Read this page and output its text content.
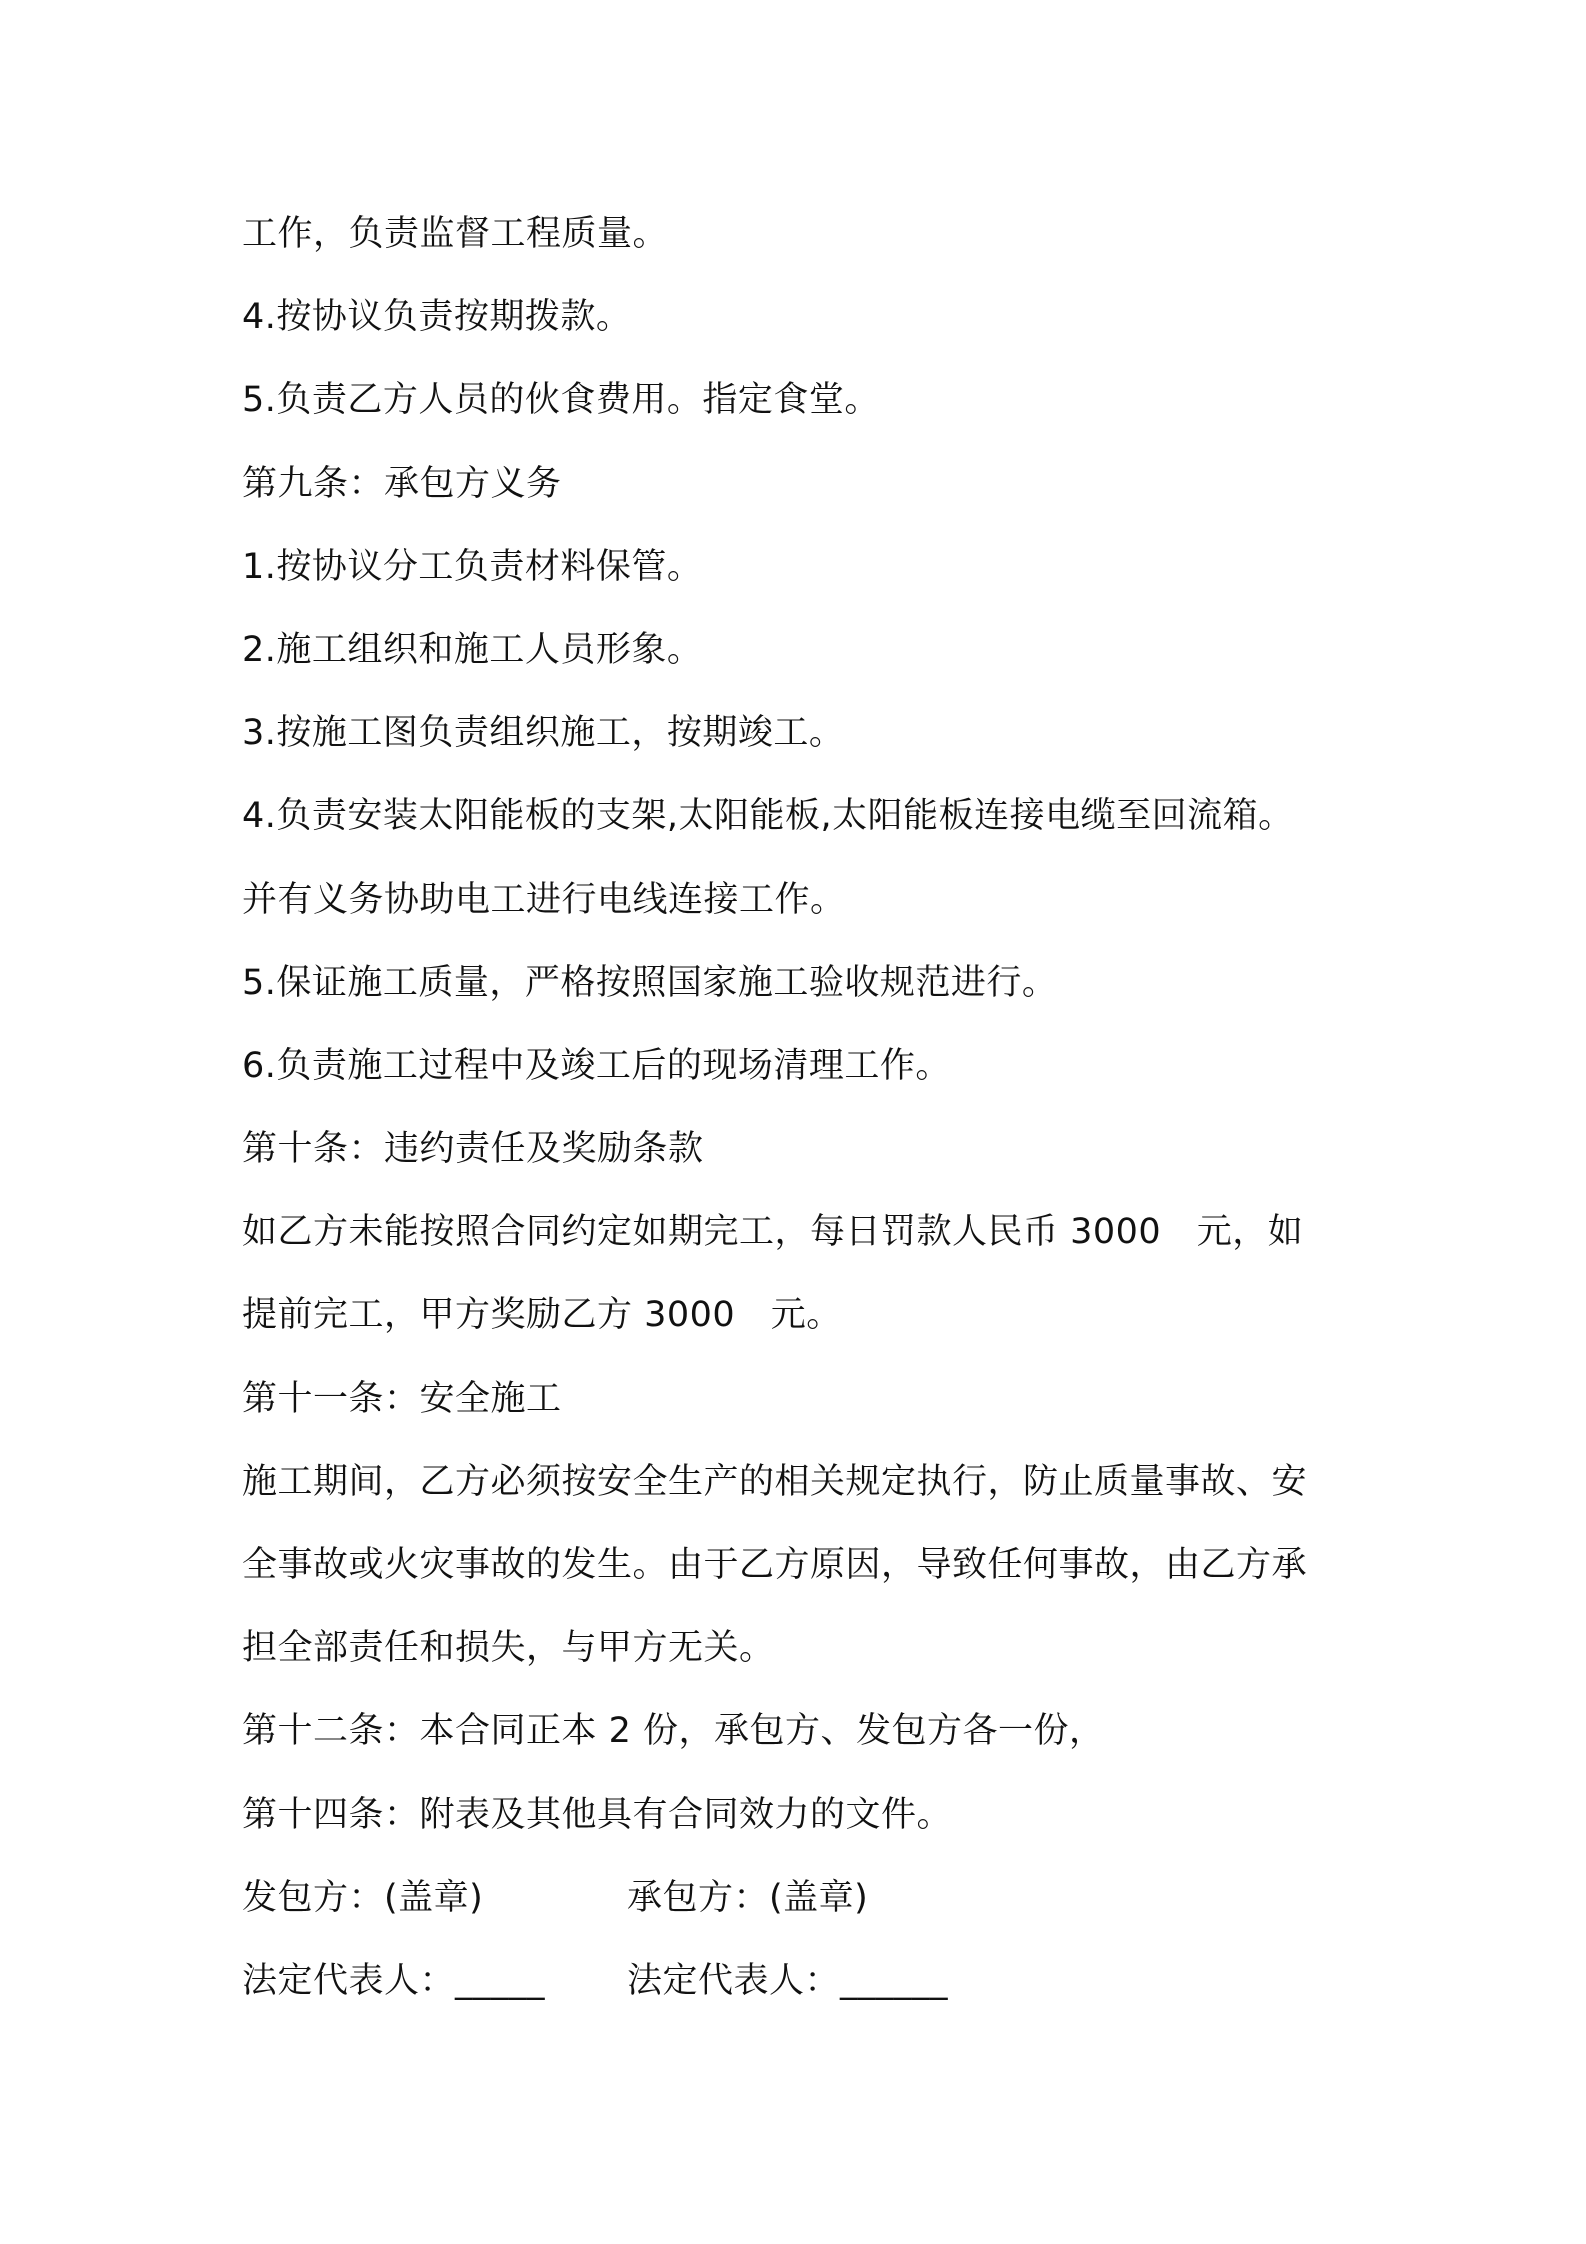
工作，负责监督工程质量。
4.按协议负责按期拨款。
5.负责乙方人员的伙食费用。指定食堂。
第九条：承包方义务
1.按协议分工负责材料保管。
2.施工组织和施工人员形象。
3.按施工图负责组织施工，按期竣工。
4.负责安装太阳能板的支架,太阳能板,太阳能板连接电缆至回流箱。
并有义务协助电工进行电线连接工作。
5.保证施工质量，严格按照国家施工验收规范进行。
6.负责施工过程中及竣工后的现场清理工作。
第十条：违约责任及奖励条款
如乙方未能按照合同约定如期完工，每日罚款人民币 3000　元，如
提前完工，甲方奖励乙方 3000　元。
第十一条：安全施工
施工期间，乙方必须按安全生产的相关规定执行，防止质量事故、安
全事故或火灾事故的发生。由于乙方原因，导致任何事故，由乙方承
担全部责任和损失，与甲方无关。
第十二条：本合同正本 2 份，承包方、发包方各一份，
第十四条：附表及其他具有合同效力的文件。
发包方：(盖章)	承包方：(盖章)
法定代表人：_____	法定代表人：______
